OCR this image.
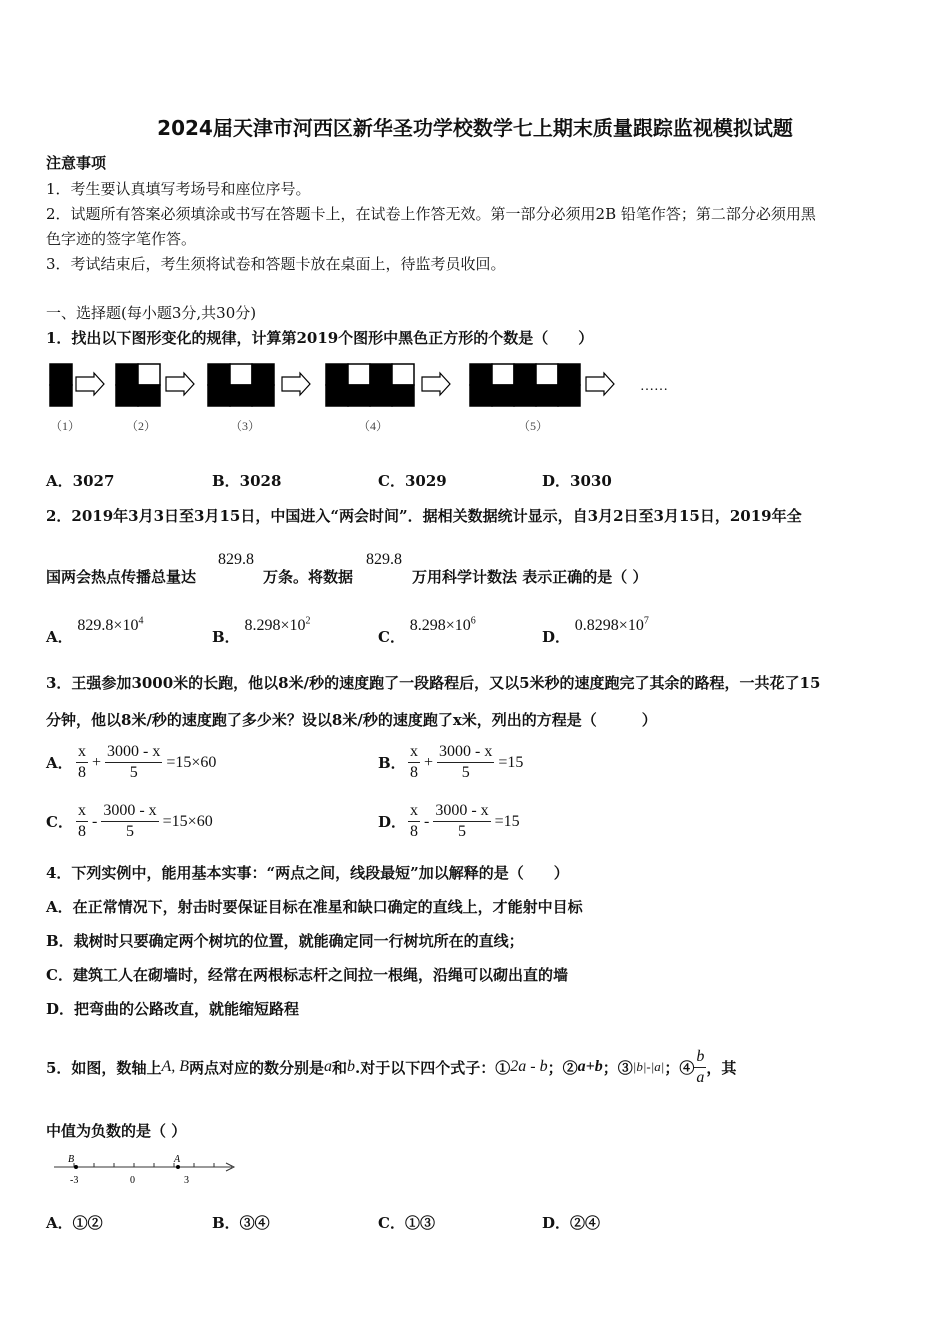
2024届天津市河西区新华圣功学校数学七上期末质量跟踪监视模拟试题
注意事项
1．考生要认真填写考场号和座位序号。
2．试题所有答案必须填涂或书写在答题卡上，在试卷上作答无效。第一部分必须用2B 铅笔作答；第二部分必须用黑
色字迹的签字笔作答。
3．考试结束后，考生须将试卷和答题卡放在桌面上，待监考员收回。
一、选择题(每小题3分,共30分)
1．找出以下图形变化的规律，计算第2019个图形中黑色正方形的个数是（　　）
……
（1）	（2）	（3）	（4）	（5）
A．3027	B．3028	C．3029	D．3030
2．2019年3月3日至3月15日，中国进入“两会时间”．据相关数据统计显示，自3月2日至3月15日，2019年全
国两会热点传播总量达
829.8
万条。将数据
829.8
万用科学计数法 表示正确的是（ ）
A． $829.8\times 10^4$
B． $8.298\times 10^2$
C． $8.298\times 10^6$
D． $0.8298\times 10^7$
3．王强参加3000米的长跑，他以8米/秒的速度跑了一段路程后，又以5米秒的速度跑完了其余的路程，一共花了15
分钟，他以8米/秒的速度跑了多少米？设以8米/秒的速度跑了x米，列出的方程是（　　　）
A． $\frac{x}{8} + \frac{3000 - x}{5} =15\times 60$	B． $\frac{x}{8} + \frac{3000 - x}{5} =15$
C． $\frac{x}{8} - \frac{3000 - x}{5} =15\times 60$	D． $\frac{x}{8} - \frac{3000 - x}{5} =15$
4．下列实例中，能用基本实事：“两点之间，线段最短”加以解释的是（　　）
A．在正常情况下，射击时要保证目标在准星和缺口确定的直线上，才能射中目标
B．栽树时只要确定两个树坑的位置，就能确定同一行树坑所在的直线；
C．建筑工人在砌墙时，经常在两根标志杆之间拉一根绳，沿绳可以砌出直的墙
D．把弯曲的公路改直，就能缩短路程
5．如图，数轴上 A, B 两点对应的数分别是 a 和 b .对于以下四个式子：① 2a - b ；② a+b ；③ |b|-|a| ；④ $\frac{b}{a}$ ，其
中值为负数的是（ ）
B	A
-3	0	3
A．①②	B．③④	C．①③	D．②④
